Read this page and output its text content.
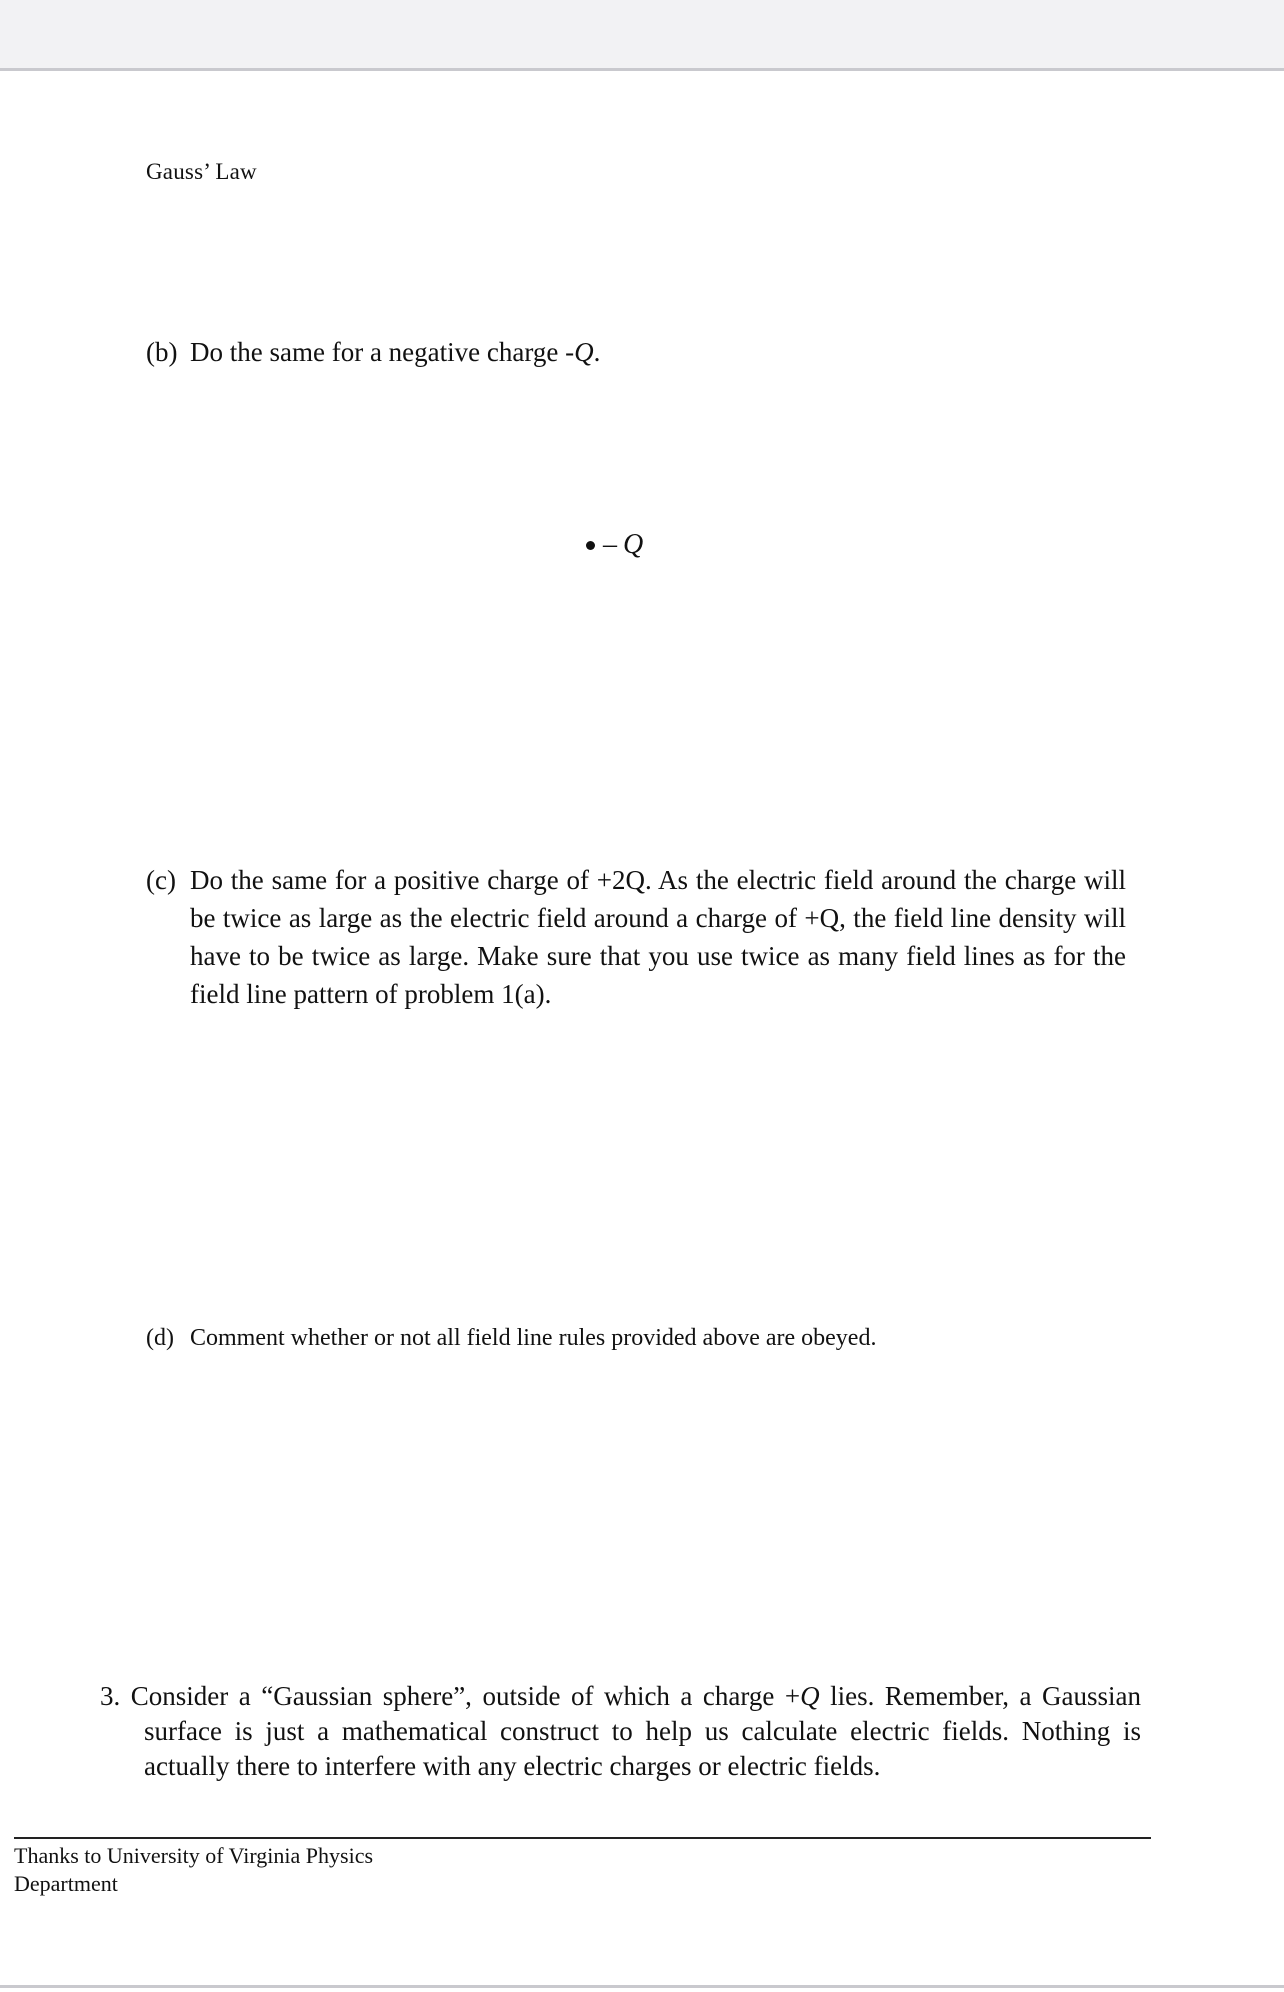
Gauss’ Law
(b) Do the same for a negative charge -Q.
– Q
(c) Do the same for a positive charge of +2Q. As the electric field around the charge will be twice as large as the electric field around a charge of +Q, the field line density will have to be twice as large. Make sure that you use twice as many field lines as for the field line pattern of problem 1(a).
(d) Comment whether or not all field line rules provided above are obeyed.
3. Consider a “Gaussian sphere”, outside of which a charge +Q lies. Remember, a Gaussian surface is just a mathematical construct to help us calculate electric fields. Nothing is actually there to interfere with any electric charges or electric fields.
Thanks to University of Virginia Physics Department
